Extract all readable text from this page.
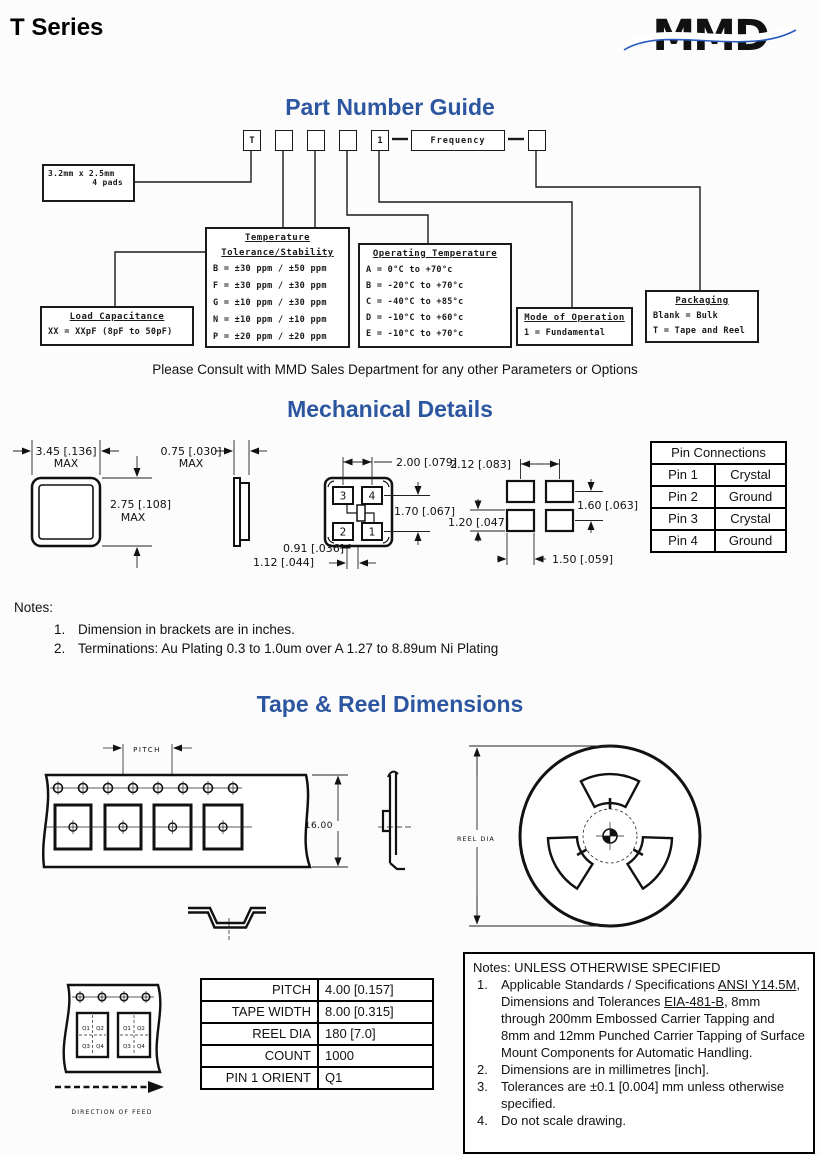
T Series	MMD
Part Number Guide
T	1	Frequency
3.2mm x 2.5mm
4 pads
Load Capacitance
XX = XXpF (8pF to 50pF)
Temperature
Tolerance/Stability
B = ±30 ppm / ±50 ppm
F = ±30 ppm / ±30 ppm
G = ±10 ppm / ±30 ppm
N = ±10 ppm / ±10 ppm
P = ±20 ppm / ±20 ppm
Operating Temperature
A = 0°C to +70°c
B = -20°C to +70°c
C = -40°C to +85°c
D = -10°C to +60°c
E = -10°C to +70°c
Mode of Operation
1 = Fundamental
Packaging
Blank = Bulk
T = Tape and Reel
Please Consult with MMD Sales Department for any other Parameters or Options
Mechanical Details
3.45 [.136]
MAX
2.75 [.108]
MAX
0.75 [.030]
MAX
3 4
2 1
2.00 [.079]
1.70 [.067]
0.91 [.036]
1.12 [.044]
2.12 [.083]
1.20 [.047]
1.60 [.063]
1.50 [.059]
Pin Connections
Pin 1	Crystal
Pin 2	Ground
Pin 3	Crystal
Pin 4	Ground
Notes:
1. Dimension in brackets are in inches.
2. Terminations: Au Plating 0.3 to 1.0um over A 1.27 to 8.89um Ni Plating
Tape & Reel Dimensions
PITCH
16.00
Q1 Q2
Q3 Q4
Q1 Q2
Q3 Q4
DIRECTION OF FEED
REEL DIA
PITCH	4.00 [0.157]
TAPE WIDTH	8.00 [0.315]
REEL DIA	180 [7.0]
COUNT	1000
PIN 1 ORIENT	Q1
Notes: UNLESS OTHERWISE SPECIFIED
1.	Applicable Standards / Specifications ANSI Y14.5M, Dimensions and Tolerances EIA-481-B, 8mm through 200mm Embossed Carrier Tapping and 8mm and 12mm Punched Carrier Tapping of Surface Mount Components for Automatic Handling.
2.	Dimensions are in millimetres [inch].
3.	Tolerances are ±0.1 [0.004] mm unless otherwise specified.
4.	Do not scale drawing.
